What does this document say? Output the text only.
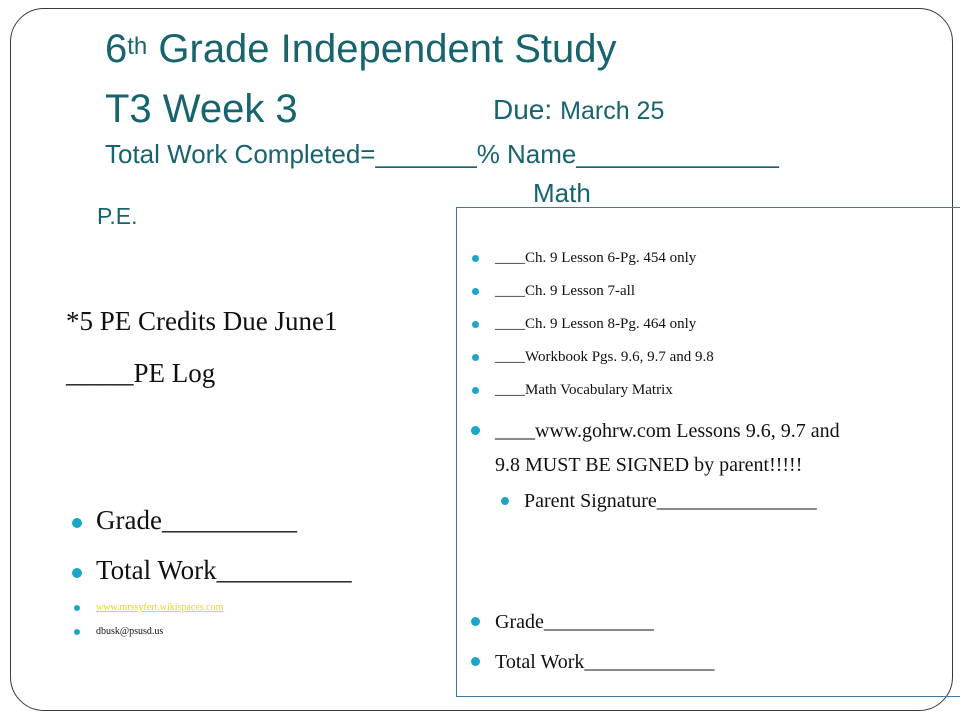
6th Grade Independent Study
T3 Week 3	Due: March 25
Total Work Completed=_______% Name______________
Math
P.E.
*5 PE Credits Due June1
_____PE Log
Grade__________
Total Work__________
www.mrssyfert.wikispaces.com
dbusk@psusd.us
____Ch. 9 Lesson 6-Pg. 454 only
____Ch. 9 Lesson 7-all
____Ch. 9 Lesson 8-Pg. 464 only
____Workbook Pgs. 9.6, 9.7 and 9.8
____Math Vocabulary Matrix
____www.gohrw.com Lessons 9.6, 9.7 and
9.8 MUST BE SIGNED by parent!!!!!
Parent Signature________________
Grade___________
Total Work_____________
